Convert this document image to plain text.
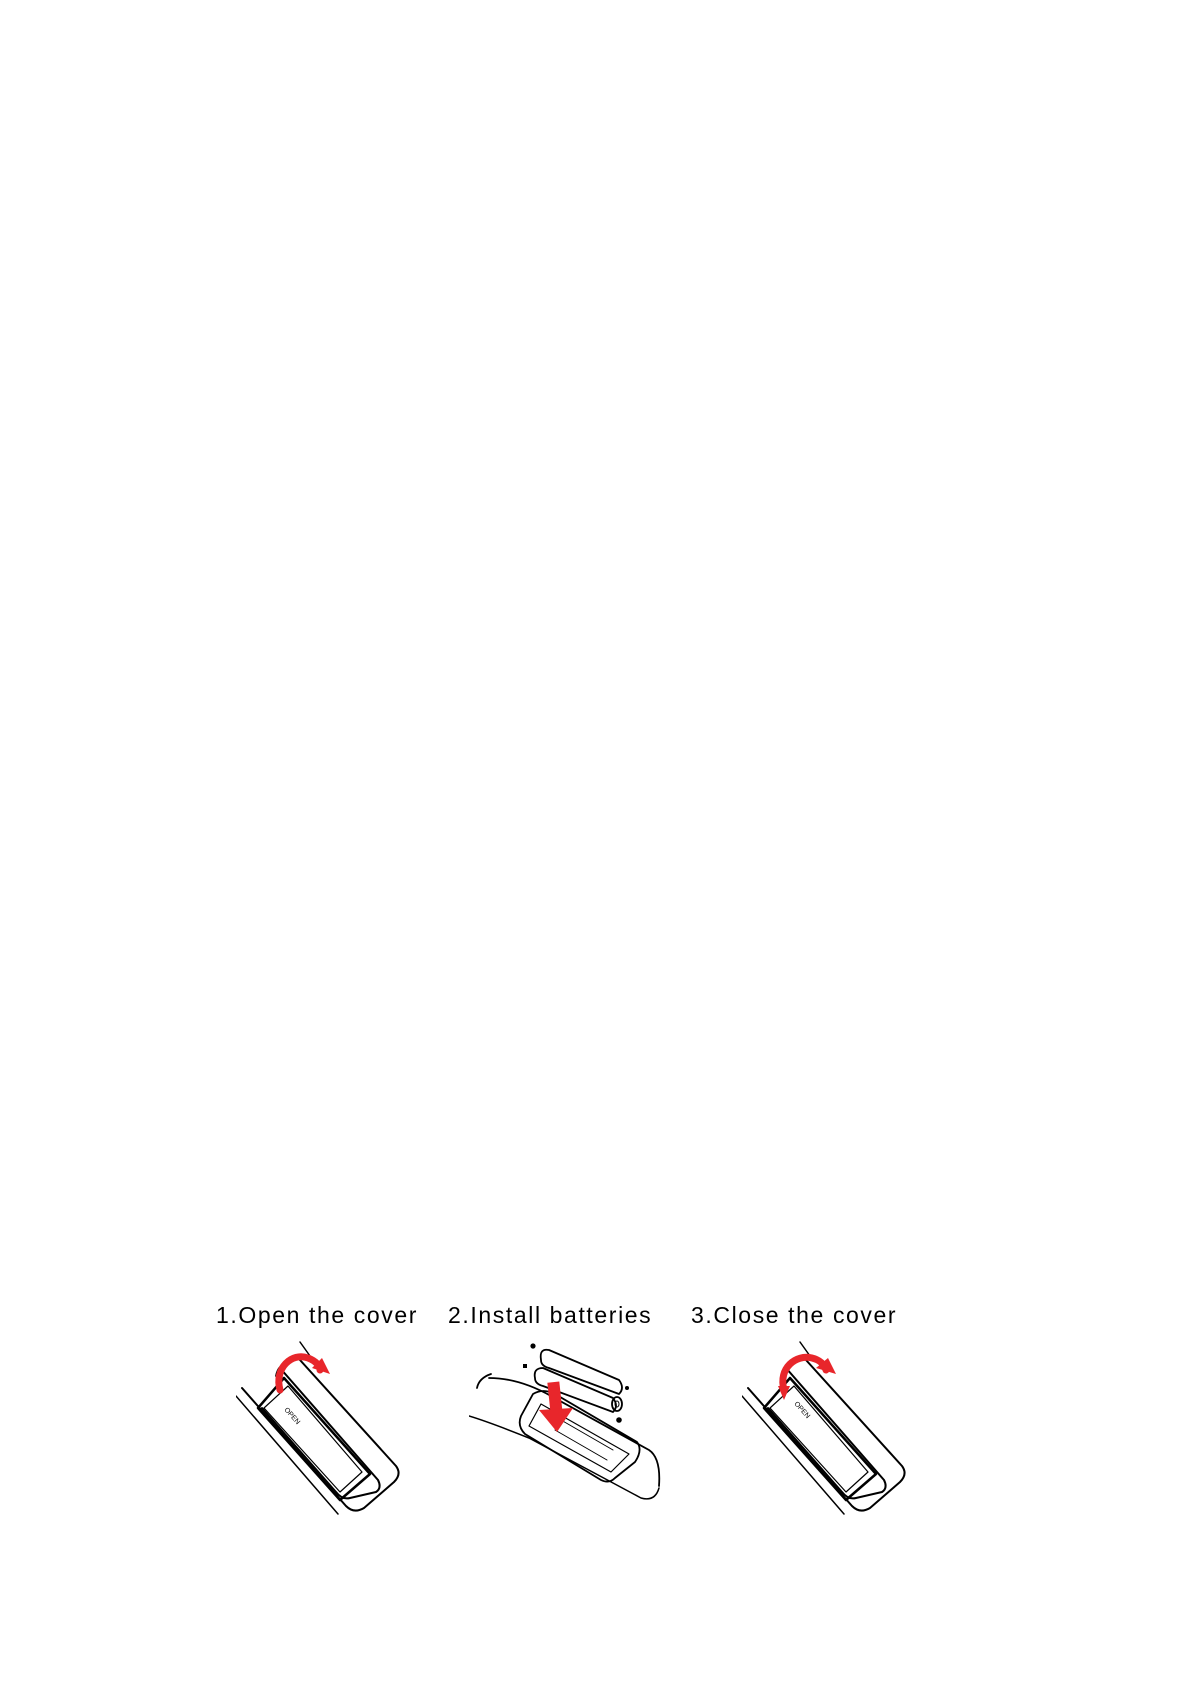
1.Open the cover 2.Install batteries 3.Close the cover
OPEN	OPEN
